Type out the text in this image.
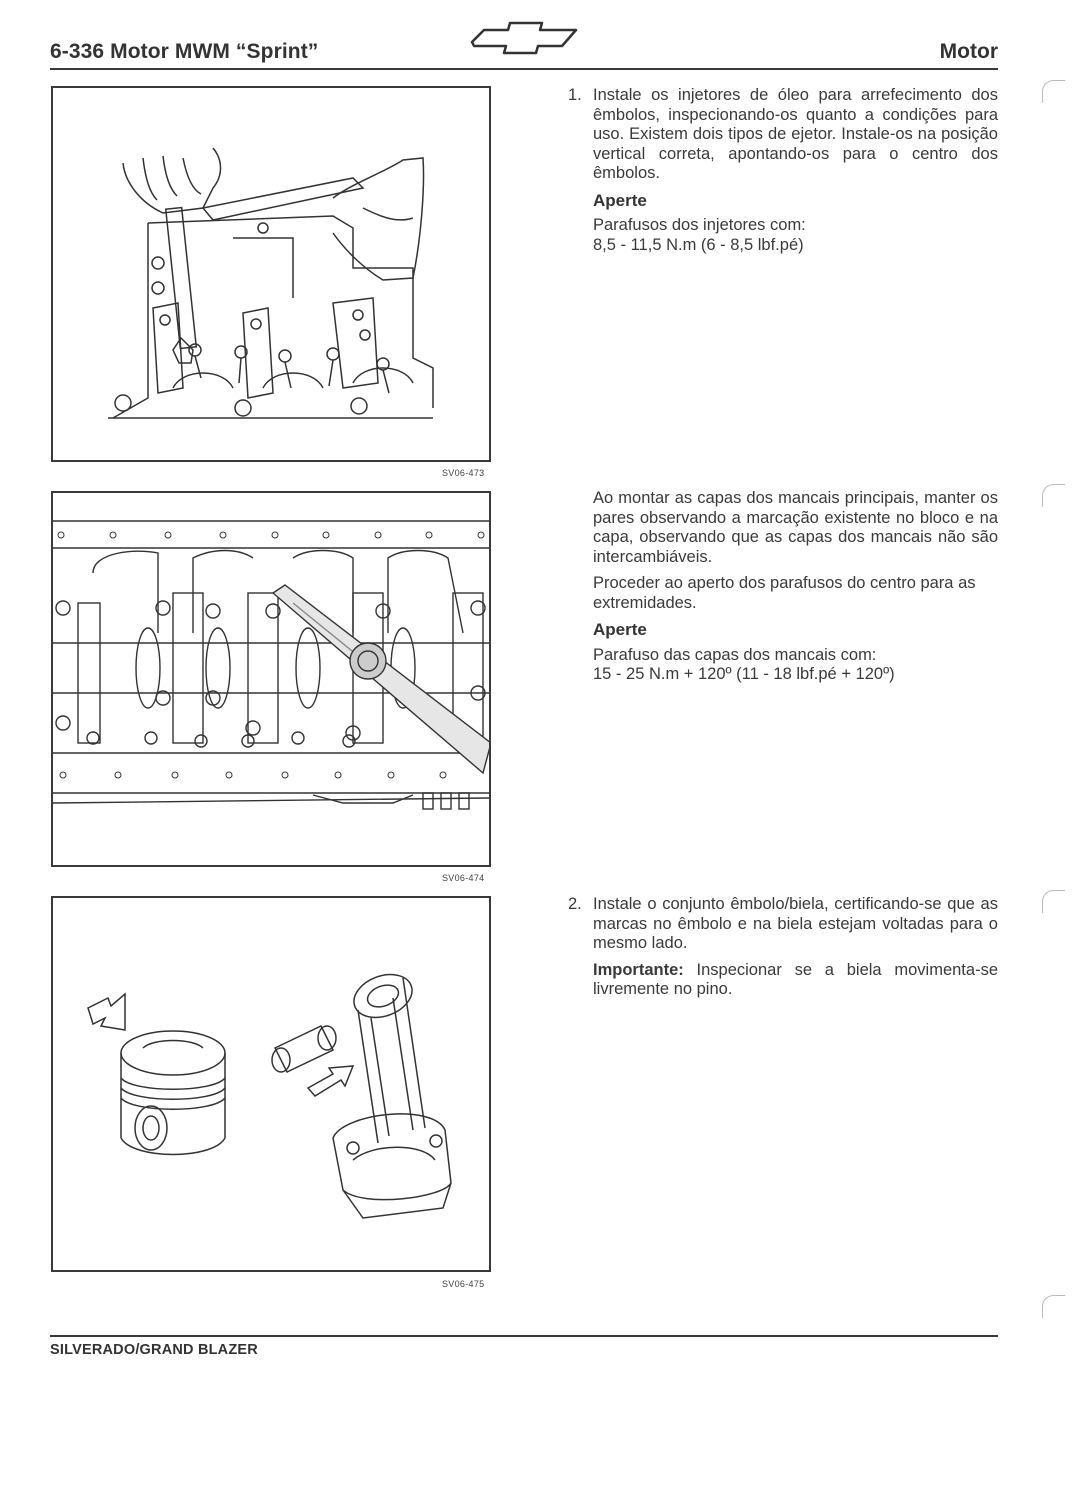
6-336 Motor MWM “Sprint”	Motor
SV06-473
1. Instale os injetores de óleo para arrefecimento dos êmbolos, inspecionando-os quanto a condições para uso. Existem dois tipos de ejetor. Instale-os na posição vertical correta, apontando-os para o centro dos êmbolos.

Aperte
Parafusos dos injetores com:
8,5 - 11,5 N.m (6 - 8,5 lbf.pé)
SV06-474

Ao montar as capas dos mancais principais, manter os pares observando a marcação existente no bloco e na capa, observando que as capas dos mancais não são intercambiáveis.

Proceder ao aperto dos parafusos do centro para as extremidades.

Aperte
Parafuso das capas dos mancais com:
15 - 25 N.m + 120º (11 - 18 lbf.pé + 120º)
SV06-475
2. Instale o conjunto êmbolo/biela, certificando-se que as marcas no êmbolo e na biela estejam voltadas para o mesmo lado.

Importante: Inspecionar se a biela movimenta-se livremente no pino.

SILVERADO/GRAND BLAZER
